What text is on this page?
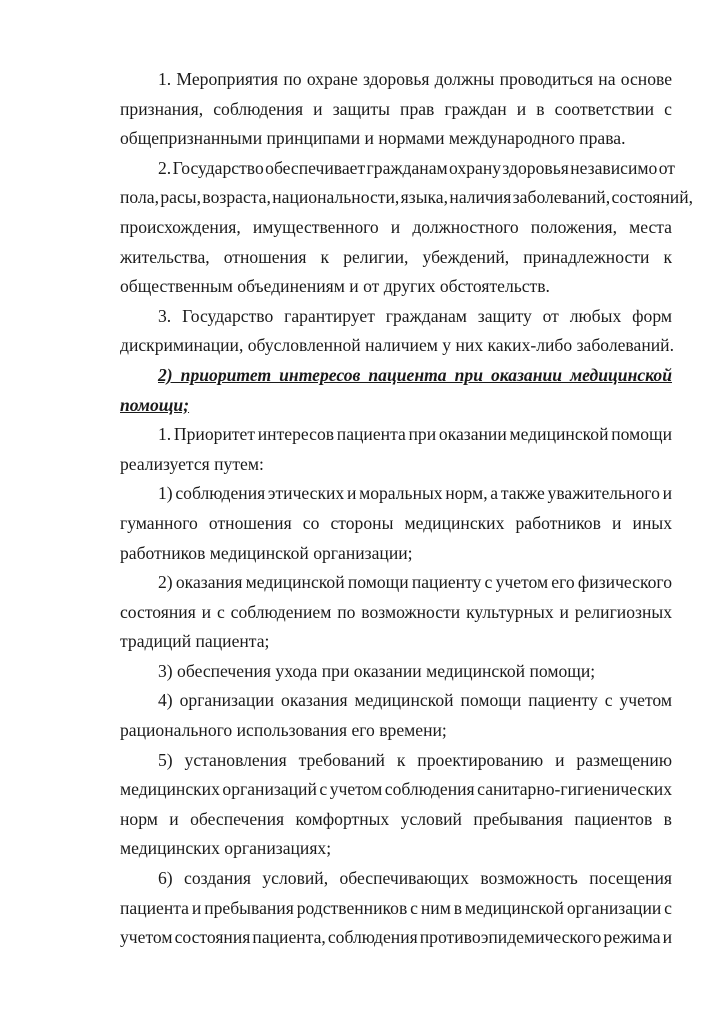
1. Мероприятия по охране здоровья должны проводиться на основе
признания, соблюдения и защиты прав граждан и в соответствии с
общепризнанными принципами и нормами международного права.
2. Государство обеспечивает гражданам охрану здоровья независимо от
пола, расы, возраста, национальности, языка, наличия заболеваний, состояний,
происхождения, имущественного и должностного положения, места
жительства, отношения к религии, убеждений, принадлежности к
общественным объединениям и от других обстоятельств.
3. Государство гарантирует гражданам защиту от любых форм
дискриминации, обусловленной наличием у них каких-либо заболеваний.
2) приоритет интересов пациента при оказании медицинской
помощи;
1. Приоритет интересов пациента при оказании медицинской помощи
реализуется путем:
1) соблюдения этических и моральных норм, а также уважительного и
гуманного отношения со стороны медицинских работников и иных
работников медицинской организации;
2) оказания медицинской помощи пациенту с учетом его физического
состояния и с соблюдением по возможности культурных и религиозных
традиций пациента;
3) обеспечения ухода при оказании медицинской помощи;
4) организации оказания медицинской помощи пациенту с учетом
рационального использования его времени;
5) установления требований к проектированию и размещению
медицинских организаций с учетом соблюдения санитарно-гигиенических
норм и обеспечения комфортных условий пребывания пациентов в
медицинских организациях;
6) создания условий, обеспечивающих возможность посещения
пациента и пребывания родственников с ним в медицинской организации с
учетом состояния пациента, соблюдения противоэпидемического режима и
